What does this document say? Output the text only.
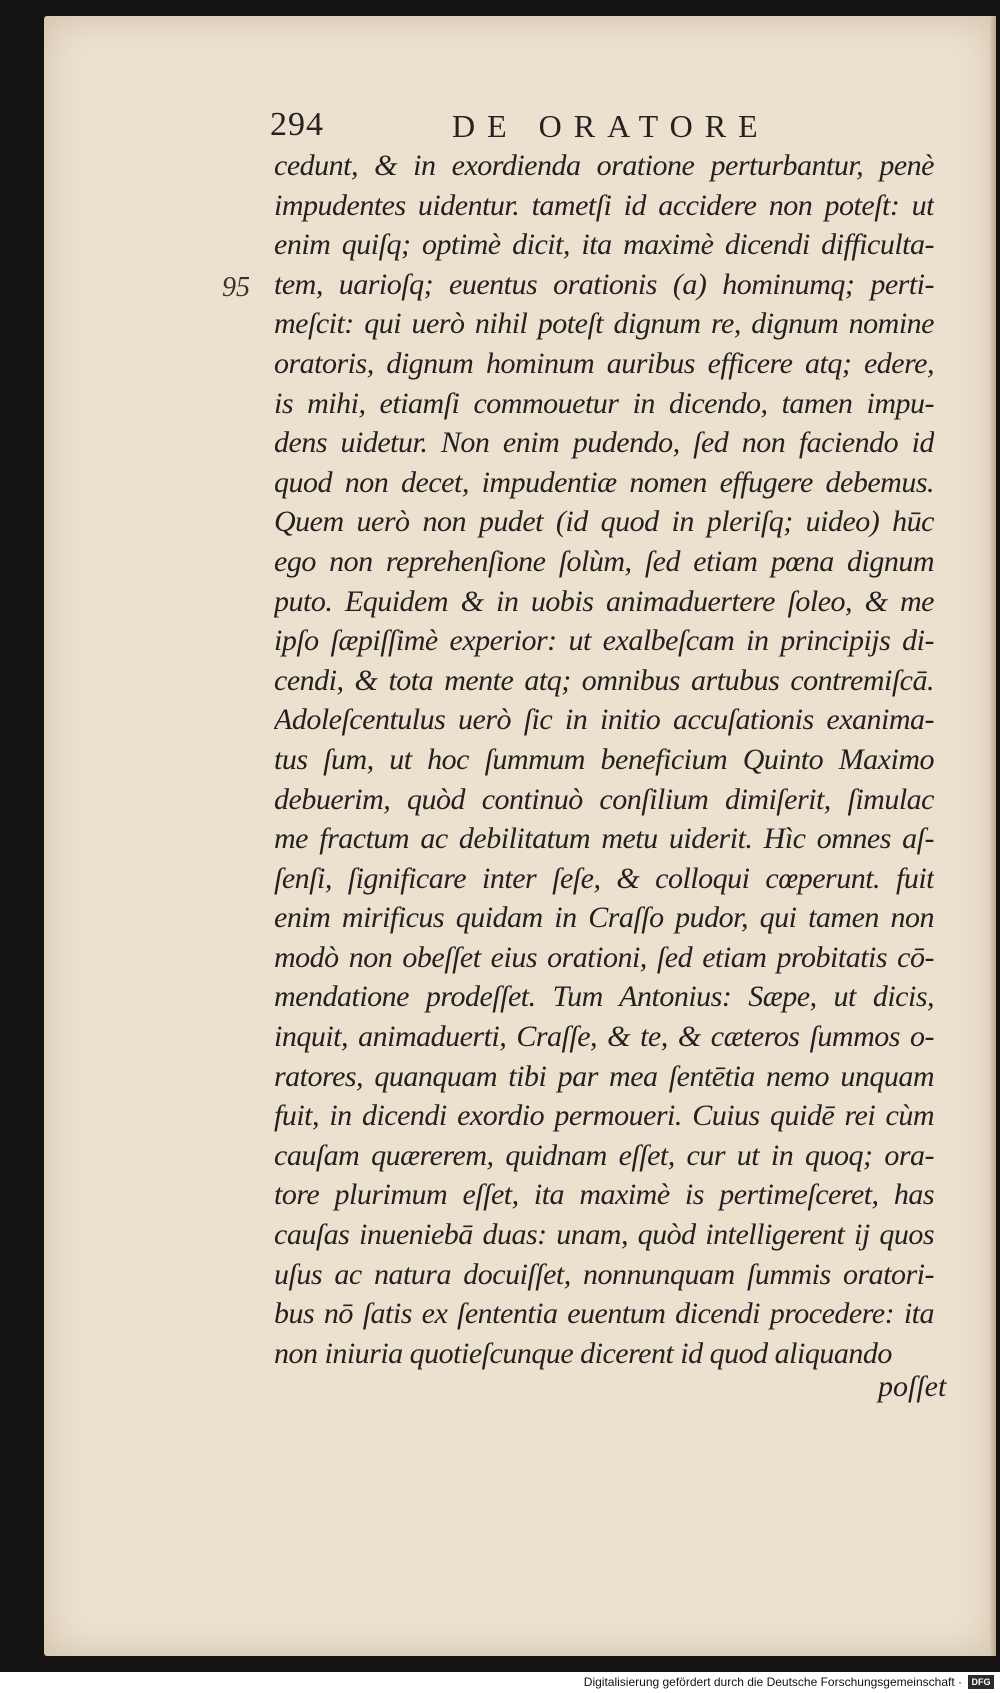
294	DE ORATORE
95
cedunt, & in exordienda oratione perturbantur, penè
impudentes uidentur. tametſi id accidere non poteſt: ut
enim quiſq; optimè dicit, ita maximè dicendi difficulta-
tem, uarioſq; euentus orationis (a) hominumq; perti-
meſcit: qui uerò nihil poteſt dignum re, dignum nomine
oratoris, dignum hominum auribus efficere atq; edere,
is mihi, etiamſi commouetur in dicendo, tamen impu-
dens uidetur. Non enim pudendo, ſed non faciendo id
quod non decet, impudentiæ nomen effugere debemus.
Quem uerò non pudet (id quod in pleriſq; uideo) hūc
ego non reprehenſione ſolùm, ſed etiam pœna dignum
puto. Equidem & in uobis animaduertere ſoleo, & me
ipſo ſæpiſſimè experior: ut exalbeſcam in principijs di-
cendi, & tota mente atq; omnibus artubus contremiſcā.
Adoleſcentulus uerò ſic in initio accuſationis exanima-
tus ſum, ut hoc ſummum beneficium Quinto Maximo
debuerim, quòd continuò conſilium dimiſerit, ſimulac
me fractum ac debilitatum metu uiderit. Hìc omnes aſ-
ſenſi, ſignificare inter ſeſe, & colloqui cœperunt. fuit
enim mirificus quidam in Craſſo pudor, qui tamen non
modò non obeſſet eius orationi, ſed etiam probitatis cō-
mendatione prodeſſet. Tum Antonius: Sæpe, ut dicis,
inquit, animaduerti, Craſſe, & te, & cæteros ſummos o-
ratores, quanquam tibi par mea ſentētia nemo unquam
fuit, in dicendi exordio permoueri. Cuius quidē rei cùm
cauſam quærerem, quidnam eſſet, cur ut in quoq; ora-
tore plurimum eſſet, ita maximè is pertimeſceret, has
cauſas inueniebā duas: unam, quòd intelligerent ij quos
uſus ac natura docuiſſet, nonnunquam ſummis oratori-
bus nō ſatis ex ſententia euentum dicendi procedere: ita
non iniuria quotieſcunque dicerent id quod aliquando
poſſet
Digitalisierung gefördert durch die Deutsche Forschungsgemeinschaft ·	DFG
